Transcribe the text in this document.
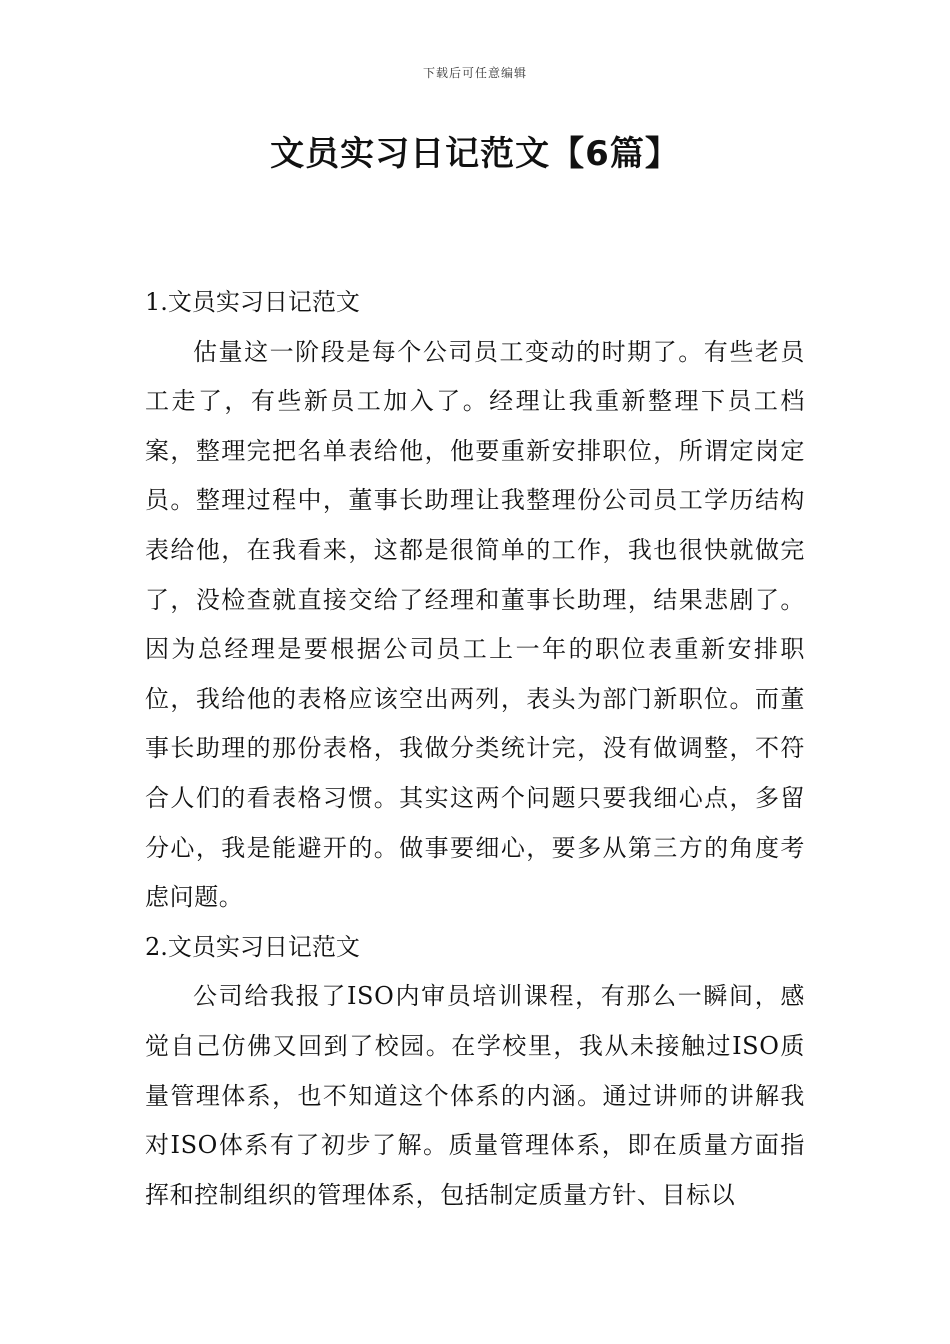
下载后可任意编辑
文员实习日记范文【6篇】
1.文员实习日记范文

估量这一阶段是每个公司员工变动的时期了。有些老员工走了，有些新员工加入了。经理让我重新整理下员工档案，整理完把名单表给他，他要重新安排职位，所谓定岗定员。整理过程中，董事长助理让我整理份公司员工学历结构表给他，在我看来，这都是很简单的工作，我也很快就做完了，没检查就直接交给了经理和董事长助理，结果悲剧了。因为总经理是要根据公司员工上一年的职位表重新安排职位，我给他的表格应该空出两列，表头为部门新职位。而董事长助理的那份表格，我做分类统计完，没有做调整，不符合人们的看表格习惯。其实这两个问题只要我细心点，多留分心，我是能避开的。做事要细心，要多从第三方的角度考虑问题。

2.文员实习日记范文

公司给我报了ISO内审员培训课程，有那么一瞬间，感觉自己仿佛又回到了校园。在学校里，我从未接触过ISO质量管理体系，也不知道这个体系的内涵。通过讲师的讲解我对ISO体系有了初步了解。质量管理体系，即在质量方面指挥和控制组织的管理体系，包括制定质量方针、目标以
